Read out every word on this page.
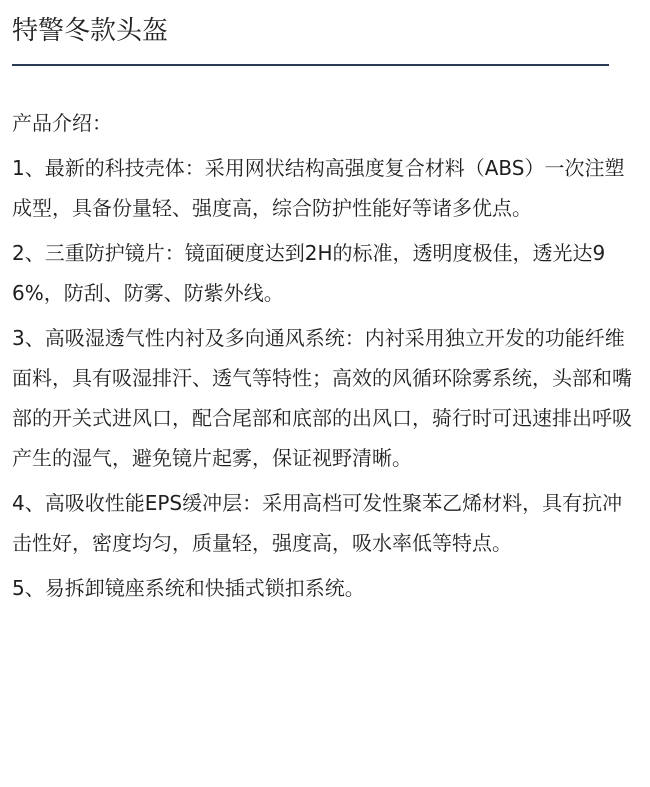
特警冬款头盔

产品介绍：

1、最新的科技壳体：采用网状结构高强度复合材料（ABS）一次注塑成型，具备份量轻、强度高，综合防护性能好等诸多优点。

2、三重防护镜片：镜面硬度达到2H的标准，透明度极佳，透光达96%，防刮、防雾、防紫外线。

3、高吸湿透气性内衬及多向通风系统：内衬采用独立开发的功能纤维面料，具有吸湿排汗、透气等特性；高效的风循环除雾系统，头部和嘴部的开关式进风口，配合尾部和底部的出风口，骑行时可迅速排出呼吸产生的湿气，避免镜片起雾，保证视野清晰。

4、高吸收性能EPS缓冲层：采用高档可发性聚苯乙烯材料，具有抗冲击性好，密度均匀，质量轻，强度高，吸水率低等特点。

5、易拆卸镜座系统和快插式锁扣系统。
